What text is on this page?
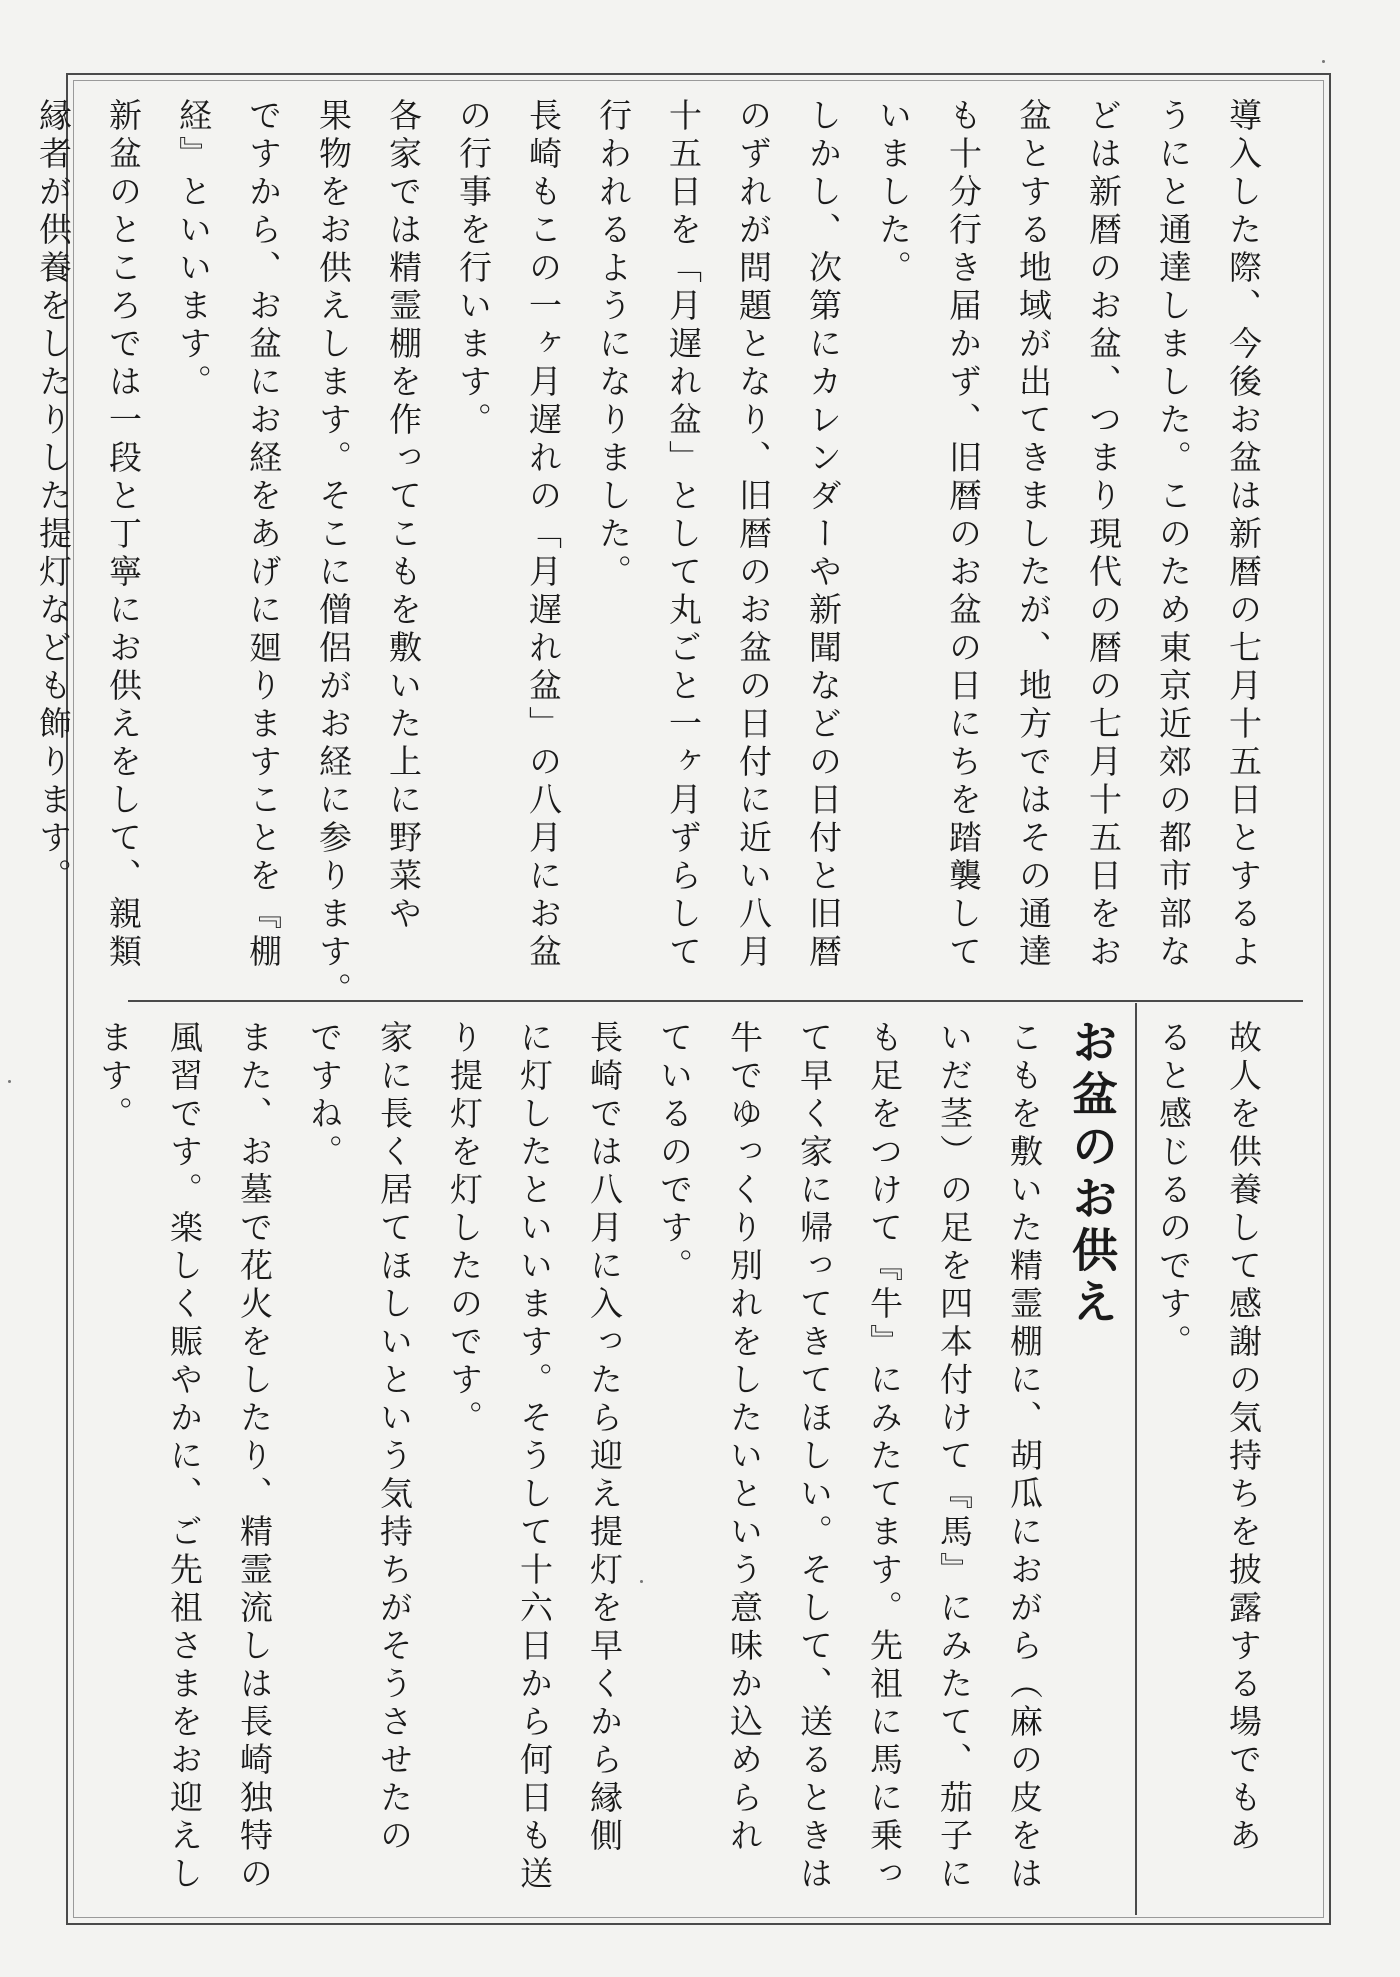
導入した際、今後お盆は新暦の七月十五日とするよ
うにと通達しました。このため東京近郊の都市部な
どは新暦のお盆、つまり現代の暦の七月十五日をお
盆とする地域が出てきましたが、地方ではその通達
も十分行き届かず、旧暦のお盆の日にちを踏襲して
いました。
しかし、次第にカレンダーや新聞などの日付と旧暦
のずれが問題となり、旧暦のお盆の日付に近い八月
十五日を「月遅れ盆」として丸ごと一ヶ月ずらして
行われるようになりました。
長崎もこの一ヶ月遅れの「月遅れ盆」の八月にお盆
の行事を行います。
各家では精霊棚を作ってこもを敷いた上に野菜や
果物をお供えします。そこに僧侶がお経に参ります。
ですから、お盆にお経をあげに廻りますことを『棚
経』といいます。
新盆のところでは一段と丁寧にお供えをして、親類
縁者が供養をしたりした提灯なども飾ります。

故人を供養して感謝の気持ちを披露する場でもあ
ると感じるのです。

お盆のお供え

こもを敷いた精霊棚に、胡瓜におがら（麻の皮をは
いだ茎）の足を四本付けて『馬』にみたて、茄子に
も足をつけて『牛』にみたてます。先祖に馬に乗っ
て早く家に帰ってきてほしい。そして、送るときは
牛でゆっくり別れをしたいという意味か込められ
ているのです。
長崎では八月に入ったら迎え提灯を早くから縁側
に灯したといいます。そうして十六日から何日も送
り提灯を灯したのです。
家に長く居てほしいという気持ちがそうさせたの
ですね。
また、お墓で花火をしたり、精霊流しは長崎独特の
風習です。楽しく賑やかに、ご先祖さまをお迎えし
ます。
